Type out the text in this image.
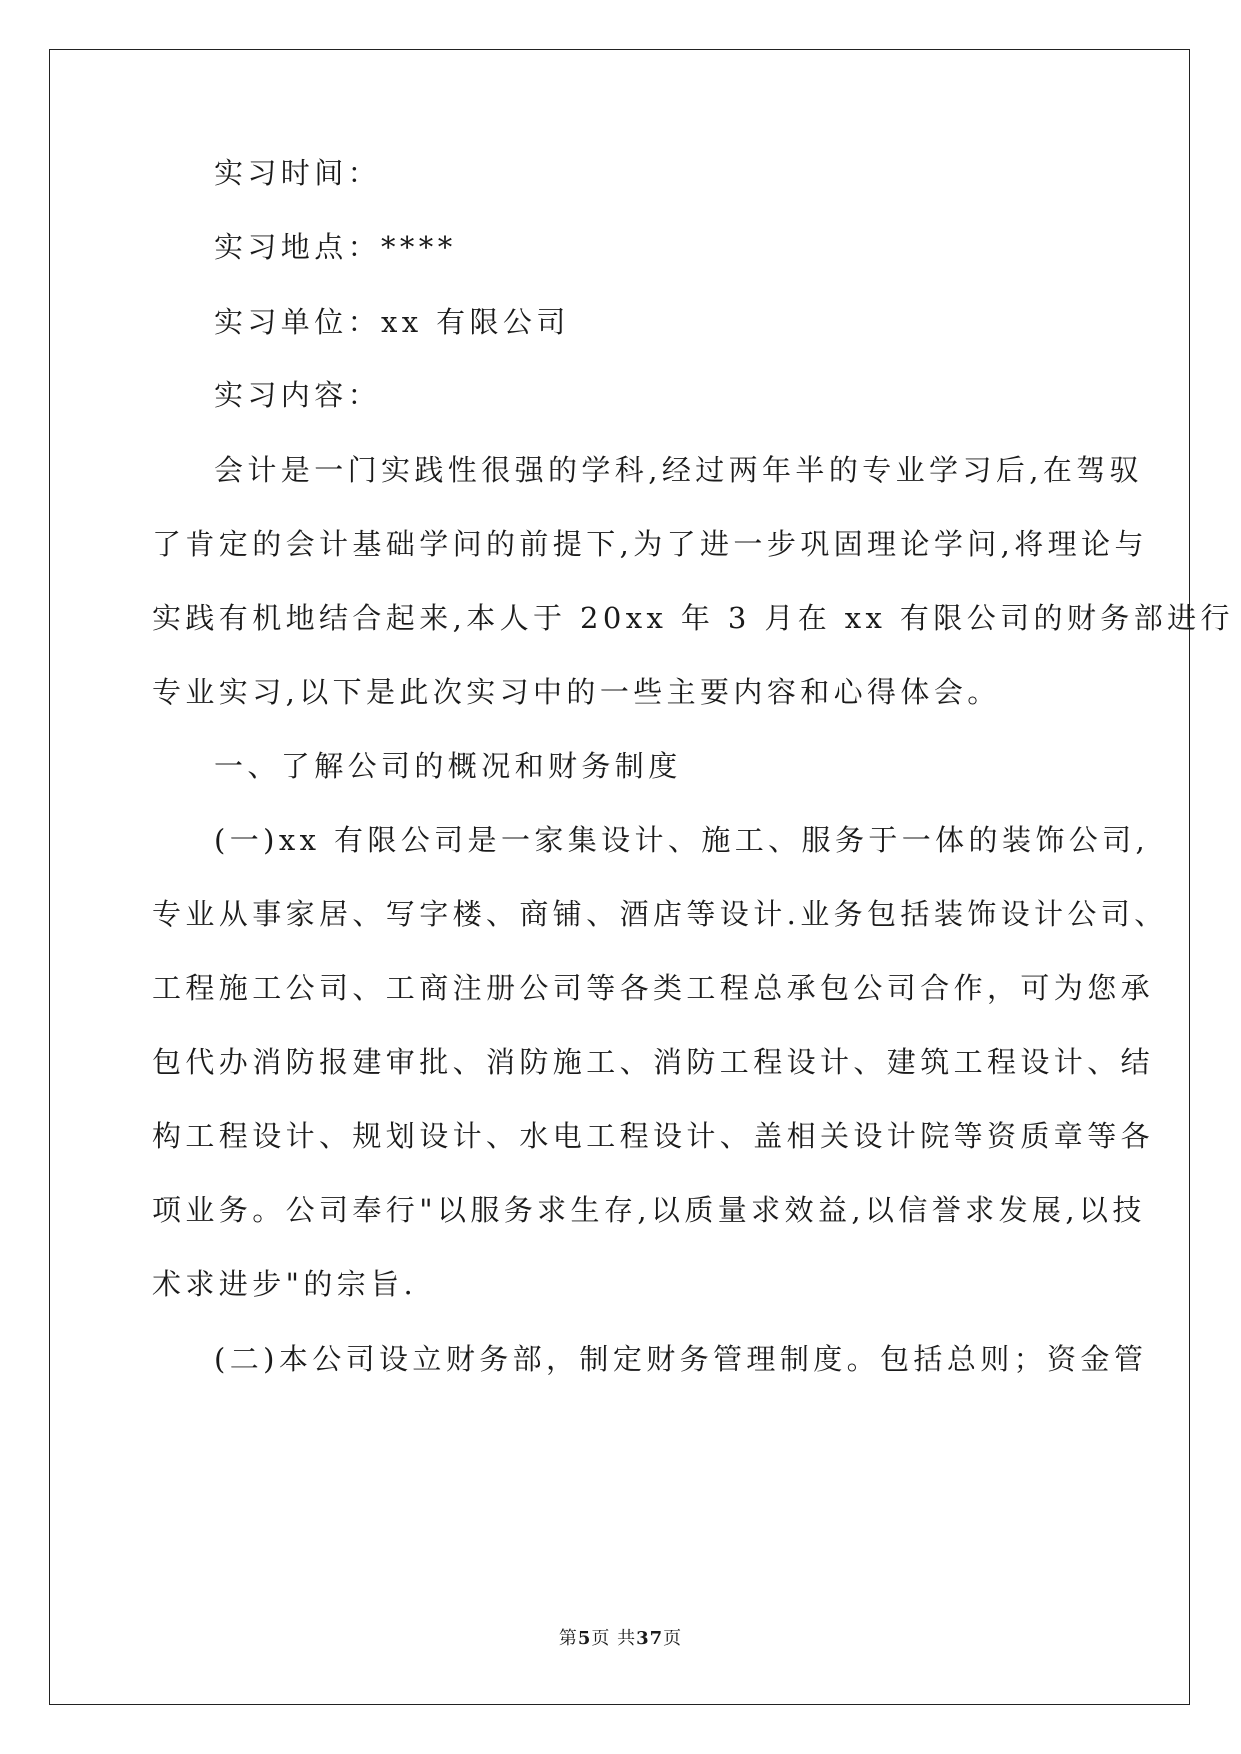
实习时间：
实习地点：****
实习单位：xx 有限公司
实习内容：
会计是一门实践性很强的学科,经过两年半的专业学习后,在驾驭
了肯定的会计基础学问的前提下,为了进一步巩固理论学问,将理论与
实践有机地结合起来,本人于 20xx 年 3 月在 xx 有限公司的财务部进行
专业实习,以下是此次实习中的一些主要内容和心得体会。
一、了解公司的概况和财务制度
(一)xx 有限公司是一家集设计、施工、服务于一体的装饰公司,
专业从事家居、写字楼、商铺、酒店等设计.业务包括装饰设计公司、
工程施工公司、工商注册公司等各类工程总承包公司合作，可为您承
包代办消防报建审批、消防施工、消防工程设计、建筑工程设计、结
构工程设计、规划设计、水电工程设计、盖相关设计院等资质章等各
项业务。公司奉行"以服务求生存,以质量求效益,以信誉求发展,以技
术求进步"的宗旨.
(二)本公司设立财务部，制定财务管理制度。包括总则；资金管
第5页 共37页
